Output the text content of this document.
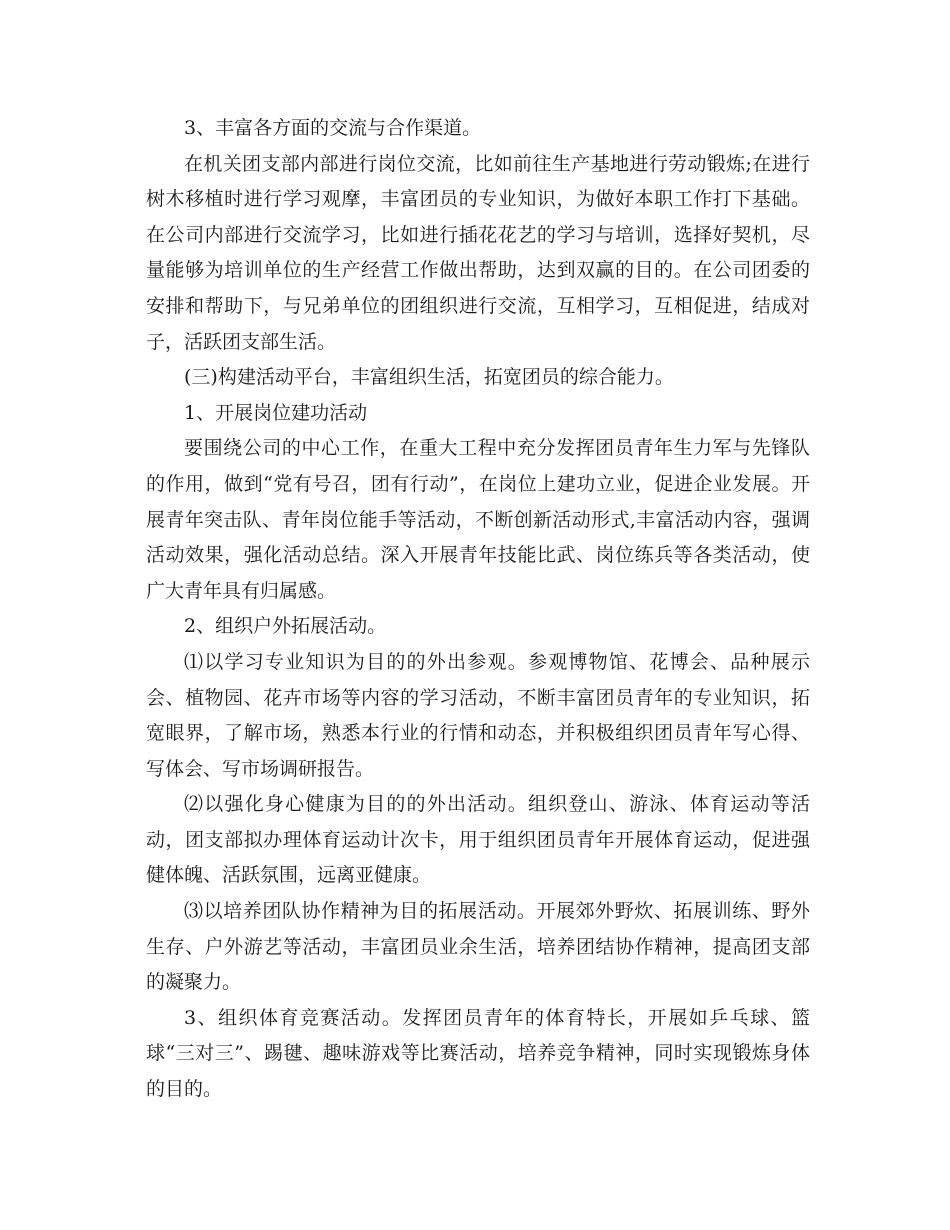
3、丰富各方面的交流与合作渠道。

在机关团支部内部进行岗位交流，比如前往生产基地进行劳动锻炼;在进行树木移植时进行学习观摩，丰富团员的专业知识，为做好本职工作打下基础。在公司内部进行交流学习，比如进行插花花艺的学习与培训，选择好契机，尽量能够为培训单位的生产经营工作做出帮助，达到双赢的目的。在公司团委的安排和帮助下，与兄弟单位的团组织进行交流，互相学习，互相促进，结成对子，活跃团支部生活。

(三)构建活动平台，丰富组织生活，拓宽团员的综合能力。

1、开展岗位建功活动

要围绕公司的中心工作，在重大工程中充分发挥团员青年生力军与先锋队的作用，做到“党有号召，团有行动”，在岗位上建功立业，促进企业发展。开展青年突击队、青年岗位能手等活动，不断创新活动形式,丰富活动内容，强调活动效果，强化活动总结。深入开展青年技能比武、岗位练兵等各类活动，使广大青年具有归属感。

2、组织户外拓展活动。

⑴以学习专业知识为目的的外出参观。参观博物馆、花博会、品种展示会、植物园、花卉市场等内容的学习活动，不断丰富团员青年的专业知识，拓宽眼界，了解市场，熟悉本行业的行情和动态，并积极组织团员青年写心得、写体会、写市场调研报告。

⑵以强化身心健康为目的的外出活动。组织登山、游泳、体育运动等活动，团支部拟办理体育运动计次卡，用于组织团员青年开展体育运动，促进强健体魄、活跃氛围，远离亚健康。

⑶以培养团队协作精神为目的拓展活动。开展郊外野炊、拓展训练、野外生存、户外游艺等活动，丰富团员业余生活，培养团结协作精神，提高团支部的凝聚力。

3、组织体育竞赛活动。发挥团员青年的体育特长，开展如乒乓球、篮球“三对三”、踢毽、趣味游戏等比赛活动，培养竞争精神，同时实现锻炼身体的目的。
